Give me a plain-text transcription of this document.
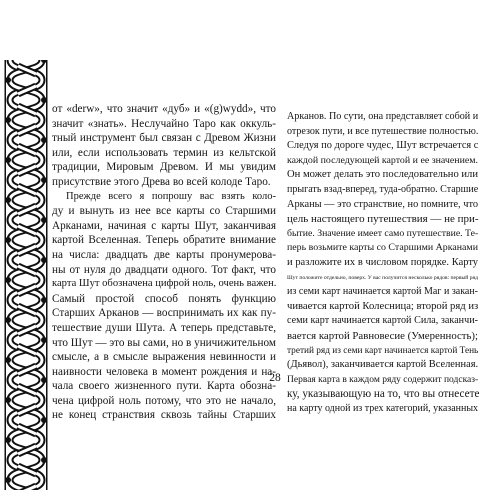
от «derw», что значит «дуб» и «(g)wydd», что
значит «знать». Неслучайно Таро как оккуль-
тный инструмент был связан с Древом Жизни
или, если использовать термин из кельтской
традиции, Мировым Древом. И мы увидим
присутствие этого Древа во всей колоде Таро.
Прежде всего я попрошу вас взять коло-
ду и вынуть из нее все карты со Старшими
Арканами, начиная с карты Шут, заканчивая
картой Вселенная. Теперь обратите внимание
на числа: двадцать две карты пронумерова-
ны от нуля до двадцати одного. Тот факт, что
карта Шут обозначена цифрой ноль, очень важен.
Самый простой способ понять функцию
Старших Арканов — воспринимать их как пу-
тешествие души Шута. А теперь представьте,
что Шут — это вы сами, но в уничижительном
смысле, а в смысле выражения невинности и
наивности человека в момент рождения и на-
чала своего жизненного пути. Карта обозна-
чена цифрой ноль потому, что это не начало,
не конец странствия сквозь тайны Старших
Арканов. По сути, она представляет собой и
отрезок пути, и все путешествие полностью.
Следуя по дороге чудес, Шут встречается с
каждой последующей картой и ее значением.
Он может делать это последовательно или
прыгать взад-вперед, туда-обратно. Старшие
Арканы — это странствие, но помните, что
цель настоящего путешествия — не при-
бытие. Значение имеет само путешествие. Те-
перь возьмите карты со Старшими Арканами
и разложите их в числовом порядке. Карту
Шут положите отдельно, поверх. У вас получится несколько рядов: первый ряд
из семи карт начинается картой Маг и закан-
чивается картой Колесница; второй ряд из
семи карт начинается картой Сила, заканчи-
вается картой Равновесие (Умеренность);
третий ряд из семи карт начинается картой Тень
(Дьявол), заканчивается картой Вселенная.
Первая карта в каждом ряду содержит подсказ-
ку, указывающую на то, что вы отнесете
на карту одной из трех категорий, указанных
28
